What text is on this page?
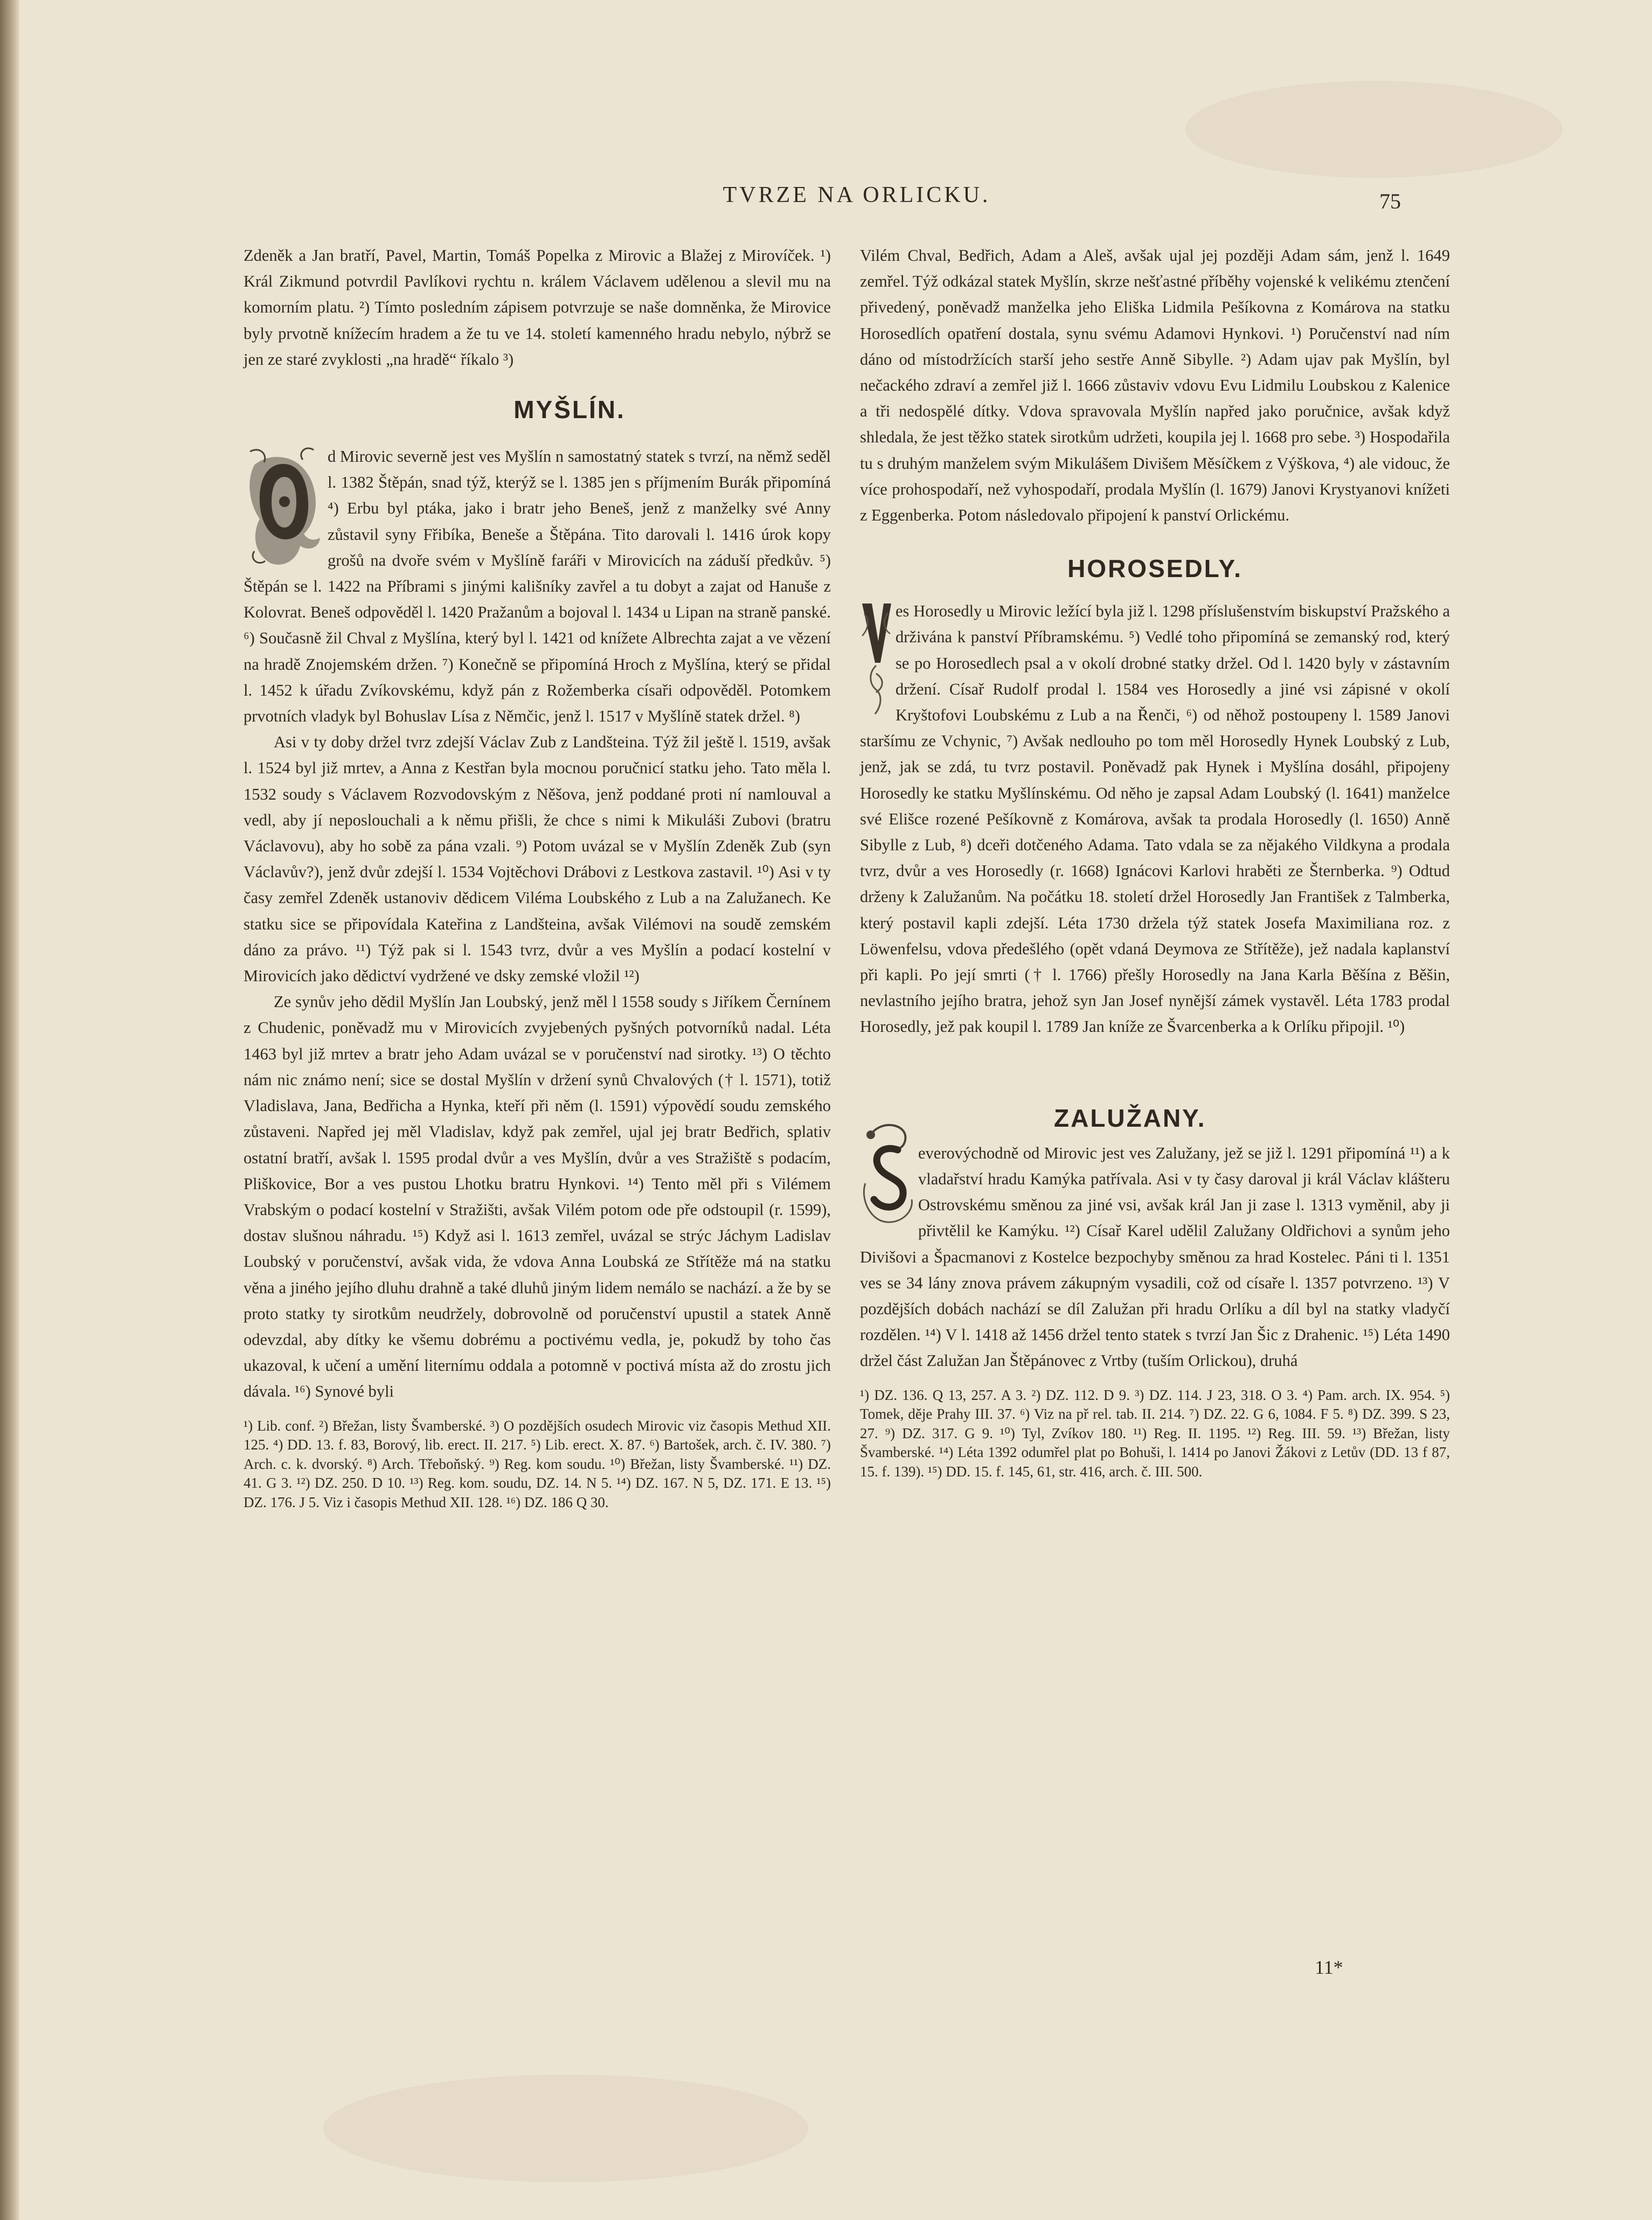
TVRZE NA ORLICKU.	75

Zdeněk a Jan bratří, Pavel, Martin, Tomáš Popelka z Mirovic a Blažej z Mirovíček. ¹) Král Zikmund potvrdil Pavlíkovi rychtu n. králem Václavem udělenou a slevil mu na komorním platu. ²) Tímto posledním zápisem potvrzuje se naše domněnka, že Mirovice byly prvotně knížecím hradem a že tu ve 14. století kamenného hradu nebylo, nýbrž se jen ze staré zvyklosti „na hradě“ říkalo ³)

MYŠLÍN.

d Mirovic severně jest ves Myšlín n samostatný statek s tvrzí, na němž seděl l. 1382 Štěpán, snad týž, kterýž se l. 1385 jen s příjmením Burák připomíná ⁴) Erbu byl ptáka, jako i bratr jeho Beneš, jenž z manželky své Anny zůstavil syny Fřibíka, Beneše a Štěpána. Tito darovali l. 1416 úrok kopy grošů na dvoře svém v Myšlíně faráři v Mirovicích na záduší předkův. ⁵) Štěpán se l. 1422 na Příbrami s jinými kališníky zavřel a tu dobyt a zajat od Hanuše z Kolovrat. Beneš odpověděl l. 1420 Pražanům a bojoval l. 1434 u Lipan na straně panské. ⁶) Současně žil Chval z Myšlína, který byl l. 1421 od knížete Albrechta zajat a ve vězení na hradě Znojemském držen. ⁷) Konečně se připomíná Hroch z Myšlína, který se přidal l. 1452 k úřadu Zvíkovskému, když pán z Rožemberka císaři odpověděl. Potomkem prvotních vladyk byl Bohuslav Lísa z Němčic, jenž l. 1517 v Myšlíně statek držel. ⁸)

Asi v ty doby držel tvrz zdejší Václav Zub z Landšteina. Týž žil ještě l. 1519, avšak l. 1524 byl již mrtev, a Anna z Kestřan byla mocnou poručnicí statku jeho. Tato měla l. 1532 soudy s Václavem Rozvodovským z Něšova, jenž poddané proti ní namlouval a vedl, aby jí neposlouchali a k němu přišli, že chce s nimi k Mikuláši Zubovi (bratru Václavovu), aby ho sobě za pána vzali. ⁹) Potom uvázal se v Myšlín Zdeněk Zub (syn Václavův?), jenž dvůr zdejší l. 1534 Vojtěchovi Drábovi z Lestkova zastavil. ¹⁰) Asi v ty časy zemřel Zdeněk ustanoviv dědicem Viléma Loubského z Lub a na Zalužanech. Ke statku sice se připovídala Kateřina z Landšteina, avšak Vilémovi na soudě zemském dáno za právo. ¹¹) Týž pak si l. 1543 tvrz, dvůr a ves Myšlín a podací kostelní v Mirovicích jako dědictví vydržené ve dsky zemské vložil ¹²)

Ze synův jeho dědil Myšlín Jan Loubský, jenž měl l 1558 soudy s Jiříkem Černínem z Chudenic, poněvadž mu v Mirovicích zvyjebených pyšných potvorníků nadal. Léta 1463 byl již mrtev a bratr jeho Adam uvázal se v poručenství nad sirotky. ¹³) O těchto nám nic známo není; sice se dostal Myšlín v držení synů Chvalových († l. 1571), totiž Vladislava, Jana, Bedřicha a Hynka, kteří při něm (l. 1591) výpovědí soudu zemského zůstaveni. Napřed jej měl Vladislav, když pak zemřel, ujal jej bratr Bedřich, splativ ostatní bratří, avšak l. 1595 prodal dvůr a ves Myšlín, dvůr a ves Stražiště s podacím, Pliškovice, Bor a ves pustou Lhotku bratru Hynkovi. ¹⁴) Tento měl při s Vilémem Vrabským o podací kostelní v Stražišti, avšak Vilém potom ode pře odstoupil (r. 1599), dostav slušnou náhradu. ¹⁵) Když asi l. 1613 zemřel, uvázal se strýc Jáchym Ladislav Loubský v poručenství, avšak vida, že vdova Anna Loubská ze Střítěže má na statku věna a jiného jejího dluhu drahně a také dluhů jiným lidem nemálo se nachází. a že by se proto statky ty sirotkům neudržely, dobrovolně od poručenství upustil a statek Anně odevzdal, aby dítky ke všemu dobrému a poctivému vedla, je, pokudž by toho čas ukazoval, k učení a umění liternímu oddala a potomně v poctivá místa až do zrostu jich dávala. ¹⁶) Synové byli

¹) Lib. conf. ²) Břežan, listy Švamberské. ³) O pozdějších osudech Mirovic viz časopis Methud XII. 125. ⁴) DD. 13. f. 83, Borový, lib. erect. II. 217. ⁵) Lib. erect. X. 87. ⁶) Bartošek, arch. č. IV. 380. ⁷) Arch. c. k. dvorský. ⁸) Arch. Třeboňský. ⁹) Reg. kom soudu. ¹⁰) Břežan, listy Švamberské. ¹¹) DZ. 41. G 3. ¹²) DZ. 250. D 10. ¹³) Reg. kom. soudu, DZ. 14. N 5. ¹⁴) DZ. 167. N 5, DZ. 171. E 13. ¹⁵) DZ. 176. J 5. Viz i časopis Methud XII. 128. ¹⁶) DZ. 186 Q 30.

Vilém Chval, Bedřich, Adam a Aleš, avšak ujal jej později Adam sám, jenž l. 1649 zemřel. Týž odkázal statek Myšlín, skrze nešťastné příběhy vojenské k velikému ztenčení přivedený, poněvadž manželka jeho Eliška Lidmila Pešíkovna z Komárova na statku Horosedlích opatření dostala, synu svému Adamovi Hynkovi. ¹) Poručenství nad ním dáno od místodržících starší jeho sestře Anně Sibylle. ²) Adam ujav pak Myšlín, byl nečackého zdraví a zemřel již l. 1666 zůstaviv vdovu Evu Lidmilu Loubskou z Kalenice a tři nedospělé dítky. Vdova spravovala Myšlín napřed jako poručnice, avšak když shledala, že jest těžko statek sirotkům udržeti, koupila jej l. 1668 pro sebe. ³) Hospodařila tu s druhým manželem svým Mikulášem Divišem Měsíčkem z Výškova, ⁴) ale vidouc, že více prohospodaří, než vyhospodaří, prodala Myšlín (l. 1679) Janovi Krystyanovi knížeti z Eggenberka. Potom následovalo připojení k panství Orlickému.

HOROSEDLY.

es Horosedly u Mirovic ležící byla již l. 1298 příslušenstvím biskupství Pražského a drživána k panství Příbramskému. ⁵) Vedlé toho připomíná se zemanský rod, který se po Horosedlech psal a v okolí drobné statky držel. Od l. 1420 byly v zástavním držení. Císař Rudolf prodal l. 1584 ves Horosedly a jiné vsi zápisné v okolí Kryštofovi Loubskému z Lub a na Řenči, ⁶) od něhož postoupeny l. 1589 Janovi staršímu ze Vchynic, ⁷) Avšak nedlouho po tom měl Horosedly Hynek Loubský z Lub, jenž, jak se zdá, tu tvrz postavil. Poněvadž pak Hynek i Myšlína dosáhl, připojeny Horosedly ke statku Myšlínskému. Od něho je zapsal Adam Loubský (l. 1641) manželce své Elišce rozené Pešíkovně z Komárova, avšak ta prodala Horosedly (l. 1650) Anně Sibylle z Lub, ⁸) dceři dotčeného Adama. Tato vdala se za nějakého Vildkyna a prodala tvrz, dvůr a ves Horosedly (r. 1668) Ignácovi Karlovi hraběti ze Šternberka. ⁹) Odtud drženy k Zalužanům. Na počátku 18. století držel Horosedly Jan František z Talmberka, který postavil kapli zdejší. Léta 1730 držela týž statek Josefa Maximiliana roz. z Löwenfelsu, vdova předešlého (opět vdaná Deymova ze Střítěže), jež nadala kaplanství při kapli. Po její smrti († l. 1766) přešly Horosedly na Jana Karla Běšína z Běšin, nevlastního jejího bratra, jehož syn Jan Josef nynější zámek vystavěl. Léta 1783 prodal Horosedly, jež pak koupil l. 1789 Jan kníže ze Švarcenberka a k Orlíku připojil. ¹⁰)

ZALUŽANY.

everovýchodně od Mirovic jest ves Zalužany, jež se již l. 1291 připomíná ¹¹) a k vladařství hradu Kamýka patřívala. Asi v ty časy daroval ji král Václav klášteru Ostrovskému směnou za jiné vsi, avšak král Jan ji zase l. 1313 vyměnil, aby ji přivtělil ke Kamýku. ¹²) Císař Karel udělil Zalužany Oldřichovi a synům jeho Divišovi a Špacmanovi z Kostelce bezpochyby směnou za hrad Kostelec. Páni ti l. 1351 ves se 34 lány znova právem zákupným vysadili, což od císaře l. 1357 potvrzeno. ¹³) V pozdějších dobách nachází se díl Zalužan při hradu Orlíku a díl byl na statky vladyčí rozdělen. ¹⁴) V l. 1418 až 1456 držel tento statek s tvrzí Jan Šic z Drahenic. ¹⁵) Léta 1490 držel část Zalužan Jan Štěpánovec z Vrtby (tuším Orlickou), druhá

¹) DZ. 136. Q 13, 257. A 3. ²) DZ. 112. D 9. ³) DZ. 114. J 23, 318. O 3. ⁴) Pam. arch. IX. 954. ⁵) Tomek, děje Prahy III. 37. ⁶) Viz na př rel. tab. II. 214. ⁷) DZ. 22. G 6, 1084. F 5. ⁸) DZ. 399. S 23, 27. ⁹) DZ. 317. G 9. ¹⁰) Tyl, Zvíkov 180. ¹¹) Reg. II. 1195. ¹²) Reg. III. 59. ¹³) Břežan, listy Švamberské. ¹⁴) Léta 1392 odumřel plat po Bohuši, l. 1414 po Janovi Žákovi z Letův (DD. 13 f 87, 15. f. 139). ¹⁵) DD. 15. f. 145, 61, str. 416, arch. č. III. 500.

11*
